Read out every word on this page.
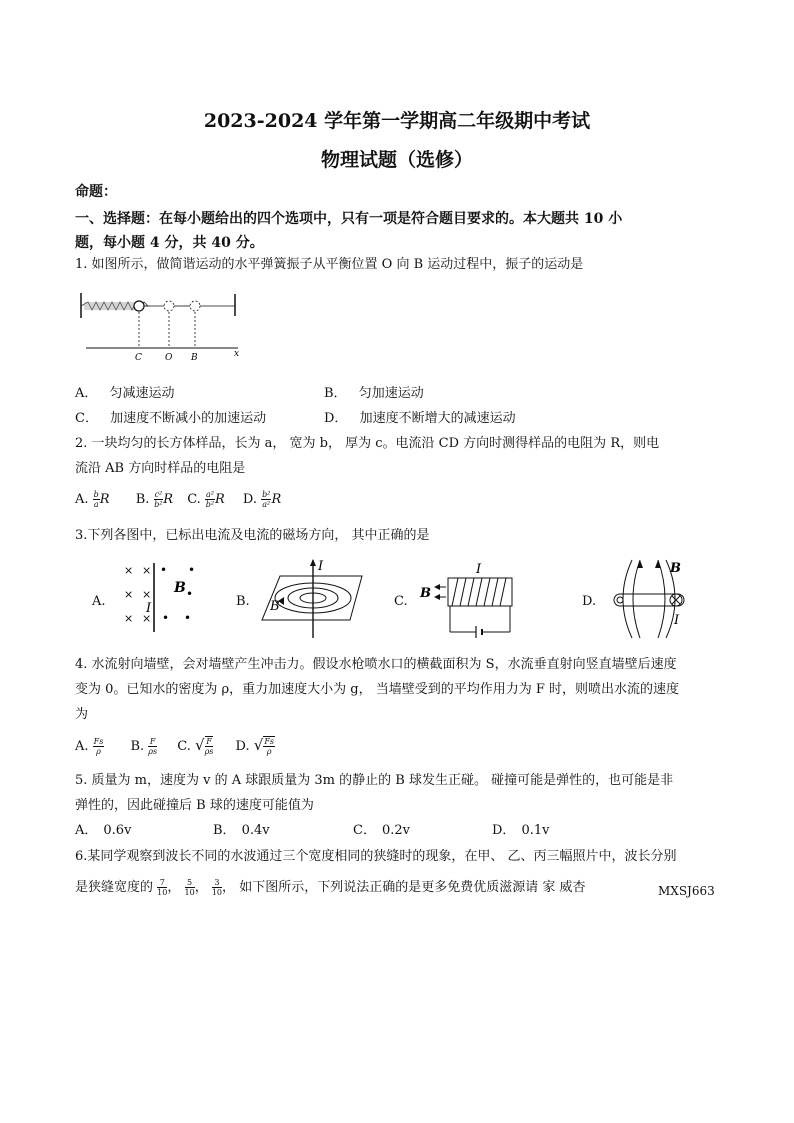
2023-2024 学年第一学期高二年级期中考试
物理试题（选修）
命题：
一、选择题：在每小题给出的四个选项中，只有一项是符合题目要求的。本大题共 10 小
题，每小题 4 分，共 40 分。
1. 如图所示，做简谐运动的水平弹簧振子从平衡位置 O 向 B 运动过程中，振子的运动是
C	O B	x
A． 匀减速运动	B． 匀加速运动
C． 加速度不断减小的加速运动	D． 加速度不断增大的减速运动
2. 一块均匀的长方体样品，长为 a， 宽为 b， 厚为 c。电流沿 CD 方向时测得样品的电阻为 R，则电
流沿 AB 方向时样品的电阻是
A. $\frac{b}{a}$ R B. $\frac{\text{c²}}{\text{b²}}$ R C. $\frac{\text{a²}}{\text{b²}}$ R D. $\frac{\text{b²}}{\text{a²}}$ R
3.下列各图中，已标出电流及电流的磁场方向， 其中正确的是
A.
× ×
× ×
× ×
• •
•
• •
B
I	B.
I
B	C.
I
B
D.
B
I
4. 水流射向墙壁，会对墙壁产生冲击力。假设水枪喷水口的横截面积为 S，水流垂直射向竖直墙壁后速度
变为 0。已知水的密度为 ρ，重力加速度大小为 g， 当墙壁受到的平均作用力为 F 时，则喷出水流的速度
为
A. $\frac{Fs}{\rho} B$. $\frac{F}{\rho s} C$. √ $\frac{F}{\rho s} D$. √ $\frac{Fs}{\rho}$
5. 质量为 m，速度为 v 的 A 球跟质量为 3m 的静止的 B 球发生正碰。 碰撞可能是弹性的，也可能是非
弹性的，因此碰撞后 B 球的速度可能值为
A． 0.6v	B． 0.4v	C． 0.2v	D． 0.1v
6.某同学观察到波长不同的水波通过三个宽度相同的狭缝时的现象，在甲、 乙、丙三幅照片中，波长分别
是狭缝宽度的 $\frac{7}{10}$ ， $\frac{5}{10}$ ， $\frac{3}{10}$ ， 如下图所示，下列说法正确的是更多免费优质滋源请 家 威杏	MXSJ663
